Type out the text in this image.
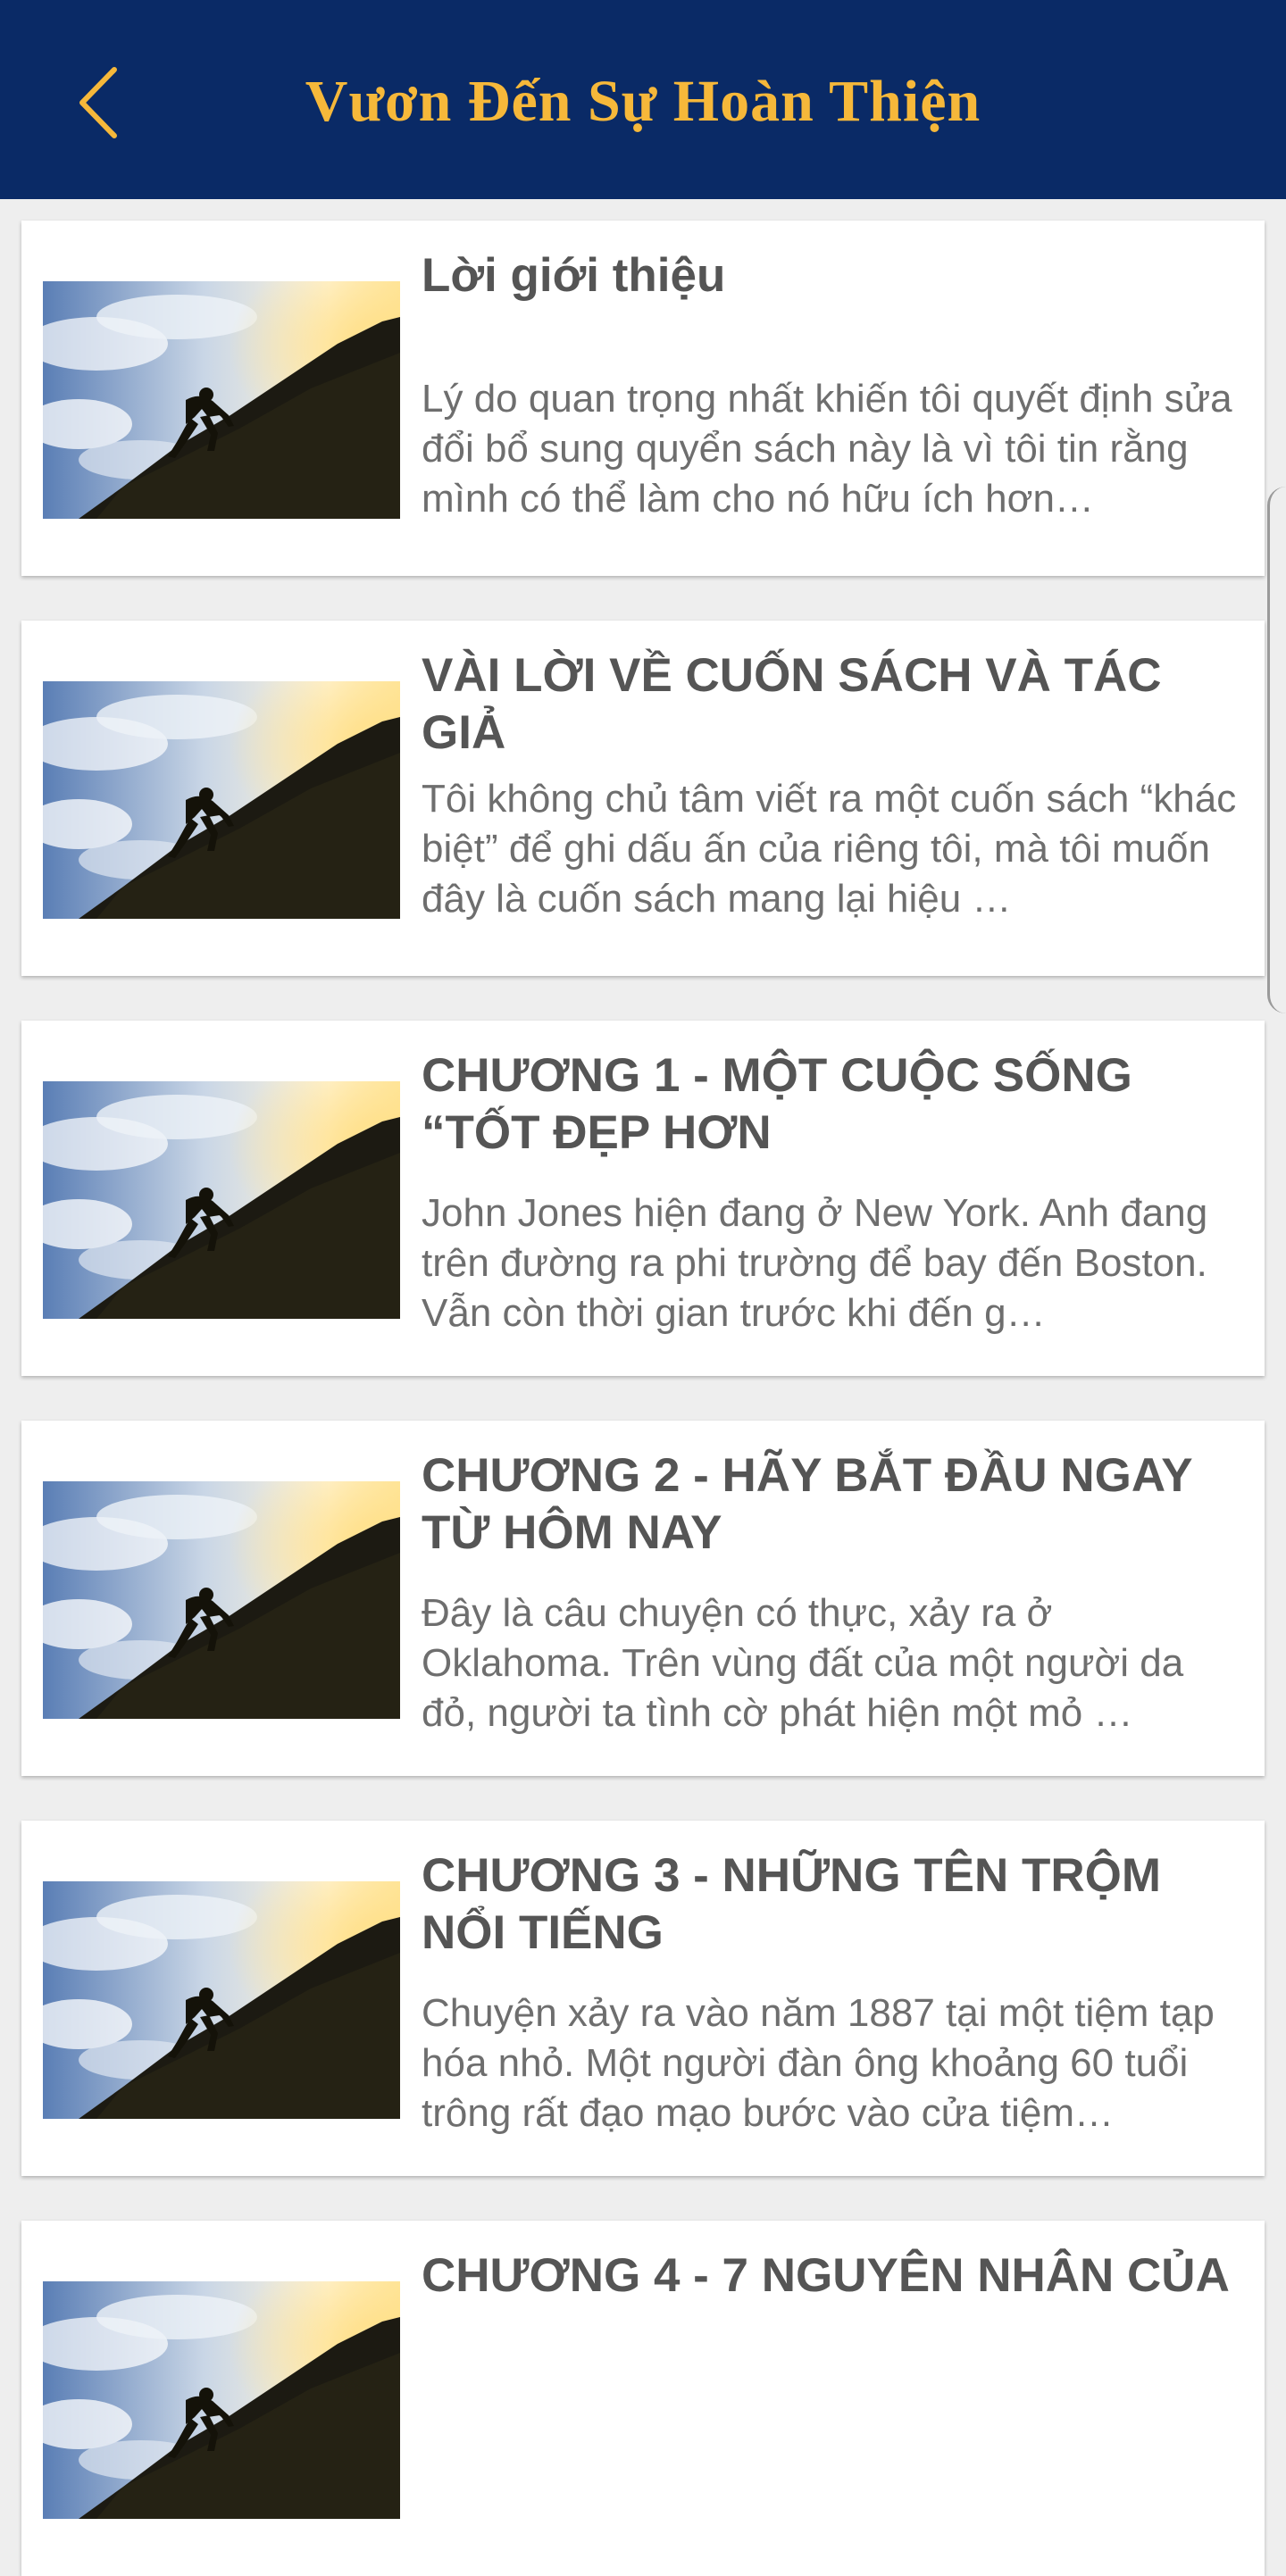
Vươn Đến Sự Hoàn Thiện
Lời giới thiệu
Lý do quan trọng nhất khiến tôi quyết định sửa đổi bổ sung quyển sách này là vì tôi tin rằng mình có thể làm cho nó hữu ích hơn…
VÀI LỜI VỀ CUỐN SÁCH VÀ TÁC GIẢ
Tôi không chủ tâm viết ra một cuốn sách “khác biệt” để ghi dấu ấn của riêng tôi, mà tôi muốn đây là cuốn sách mang lại hiệu …
CHƯƠNG 1 - MỘT CUỘC SỐNG “TỐT ĐẸP HƠN
John Jones hiện đang ở New York. Anh đang trên đường ra phi trường để bay đến Boston. Vẫn còn thời gian trước khi đến g…
CHƯƠNG 2 - HÃY BẮT ĐẦU NGAY TỪ HÔM NAY
Đây là câu chuyện có thực, xảy ra ở Oklahoma. Trên vùng đất của một người da đỏ, người ta tình cờ phát hiện một mỏ …
CHƯƠNG 3 - NHỮNG TÊN TRỘM NỔI TIẾNG
Chuyện xảy ra vào năm 1887 tại một tiệm tạp hóa nhỏ. Một người đàn ông khoảng 60 tuổi trông rất đạo mạo bước vào cửa tiệm…
CHƯƠNG 4 - 7 NGUYÊN NHÂN CỦA
